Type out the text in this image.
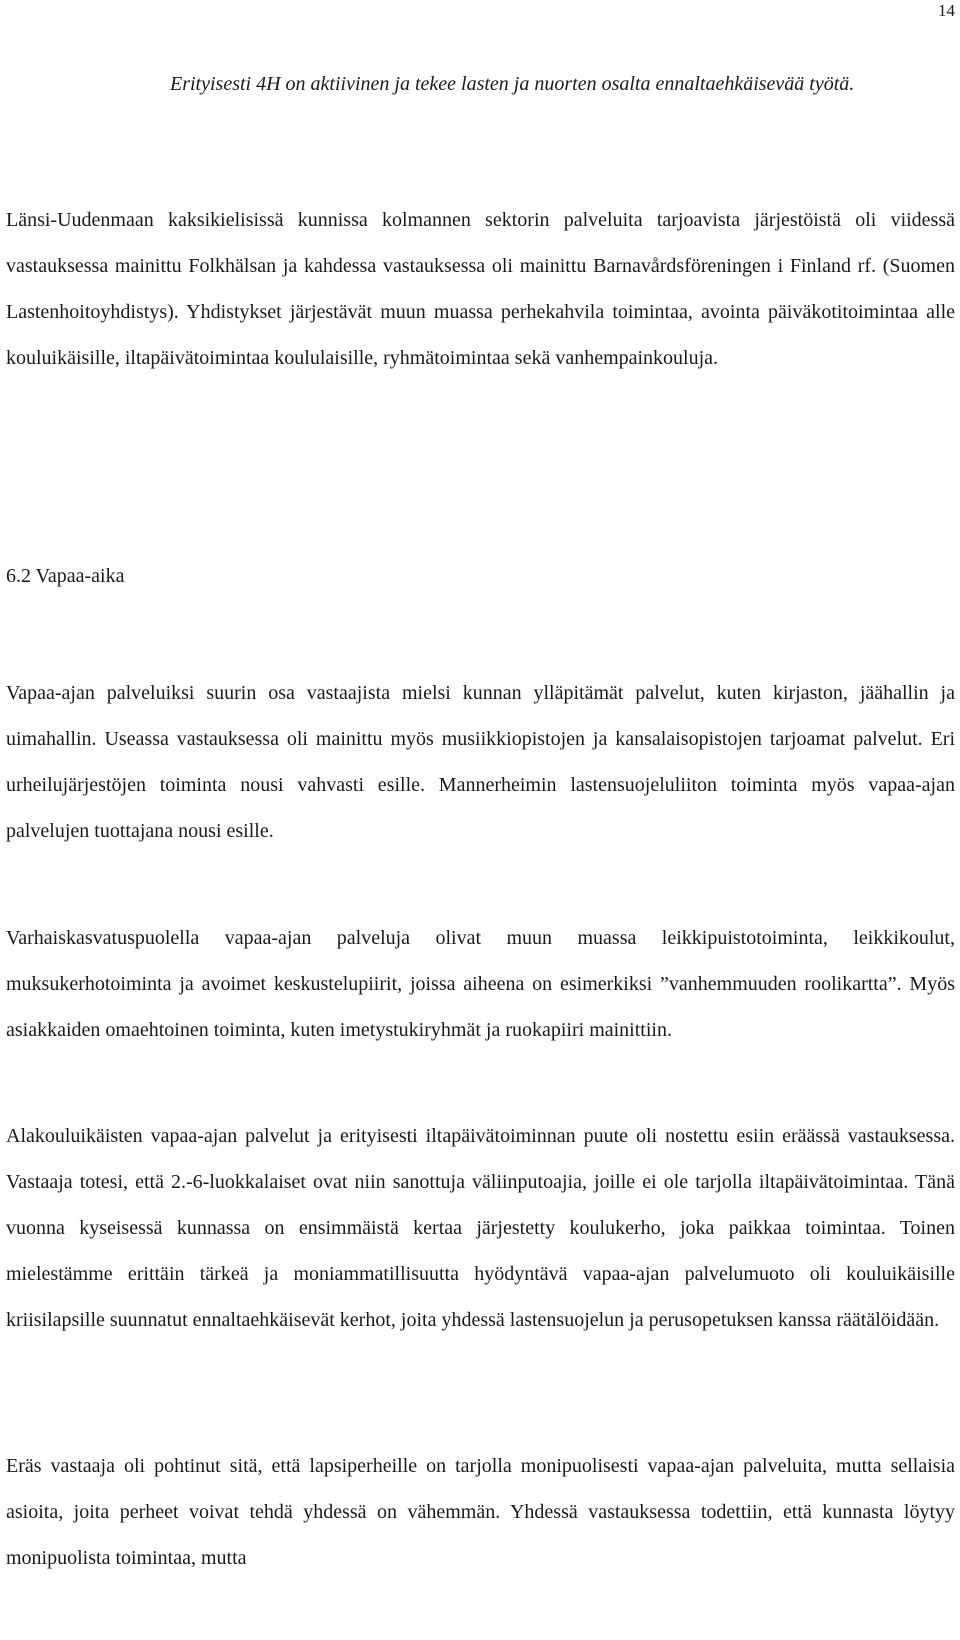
14

Erityisesti 4H on aktiivinen ja tekee lasten ja nuorten osalta ennaltaehkäisevää työtä.

Länsi-Uudenmaan kaksikielisissä kunnissa kolmannen sektorin palveluita tarjoavista järjestöistä oli viidessä vastauksessa mainittu Folkhälsan ja kahdessa vastauksessa oli mainittu Barnavårdsföreningen i Finland rf. (Suomen Lastenhoitoyhdistys). Yhdistykset järjestävät muun muassa perhekahvila toimintaa, avointa päiväkotitoimintaa alle kouluikäisille, iltapäivätoimintaa koululaisille, ryhmätoimintaa sekä vanhempainkouluja.

6.2 Vapaa-aika

Vapaa-ajan palveluiksi suurin osa vastaajista mielsi kunnan ylläpitämät palvelut, kuten kirjaston, jäähallin ja uimahallin. Useassa vastauksessa oli mainittu myös musiikkiopistojen ja kansalaisopistojen tarjoamat palvelut. Eri urheilujärjestöjen toiminta nousi vahvasti esille. Mannerheimin lastensuojeluliiton toiminta myös vapaa-ajan palvelujen tuottajana nousi esille.

Varhaiskasvatuspuolella vapaa-ajan palveluja olivat muun muassa leikkipuistotoiminta, leikkikoulut, muksukerhotoiminta ja avoimet keskustelupiirit, joissa aiheena on esimerkiksi ”vanhemmuuden roolikartta”. Myös asiakkaiden omaehtoinen toiminta, kuten imetystukiryhmät ja ruokapiiri mainittiin.

Alakouluikäisten vapaa-ajan palvelut ja erityisesti iltapäivätoiminnan puute oli nostettu esiin eräässä vastauksessa. Vastaaja totesi, että 2.-6-luokkalaiset ovat niin sanottuja väliinputoajia, joille ei ole tarjolla iltapäivätoimintaa. Tänä vuonna kyseisessä kunnassa on ensimmäistä kertaa järjestetty koulukerho, joka paikkaa toimintaa. Toinen mielestämme erittäin tärkeä ja moniammatillisuutta hyödyntävä vapaa-ajan palvelumuoto oli kouluikäisille kriisilapsille suunnatut ennaltaehkäisevät kerhot, joita yhdessä lastensuojelun ja perusopetuksen kanssa räätälöidään.

Eräs vastaaja oli pohtinut sitä, että lapsiperheille on tarjolla monipuolisesti vapaa-ajan palveluita, mutta sellaisia asioita, joita perheet voivat tehdä yhdessä on vähemmän. Yhdessä vastauksessa todettiin, että kunnasta löytyy monipuolista toimintaa, mutta
